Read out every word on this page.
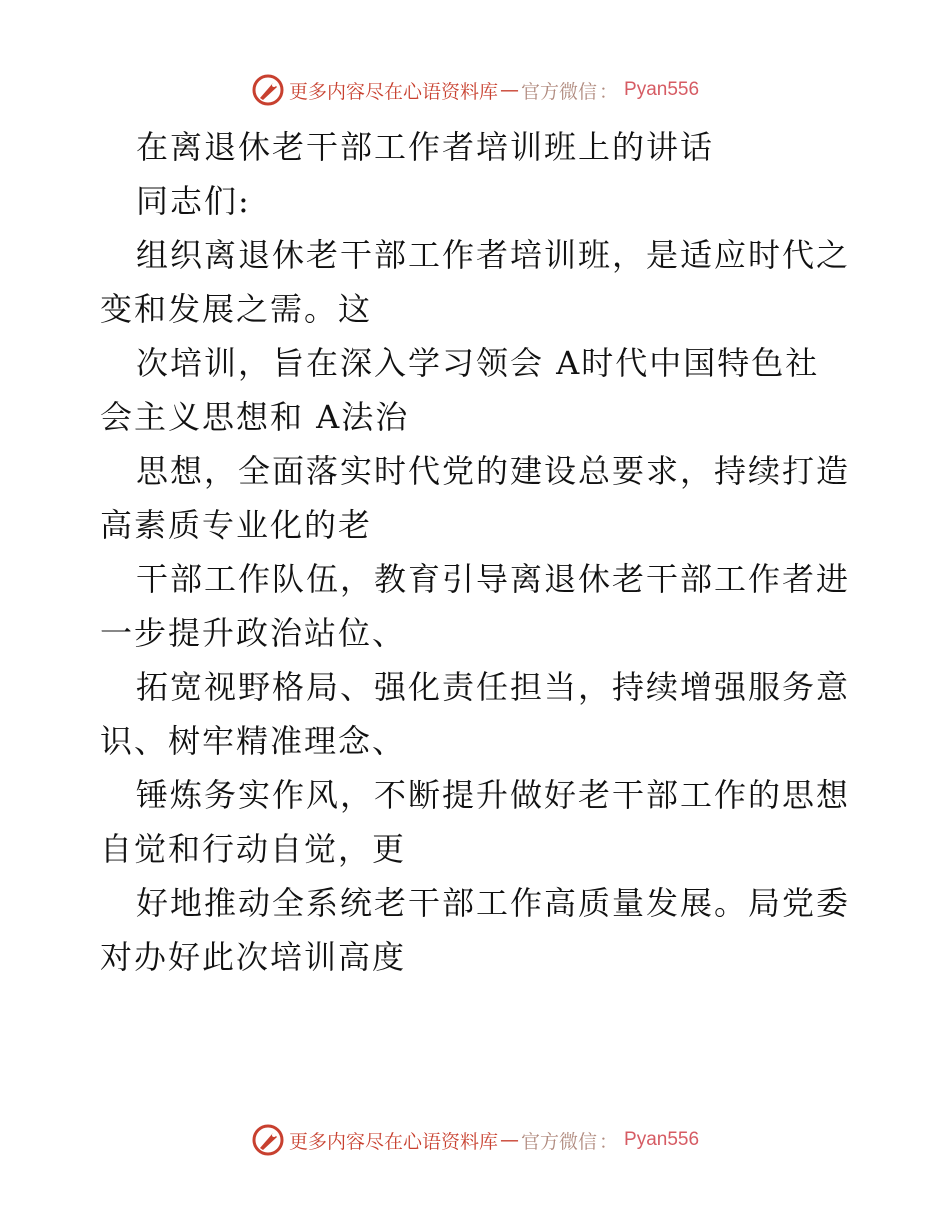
更多内容尽在心语资料库 — 官方微信 ： Pyan556
在离退休老干部工作者培训班上的讲话
同志们:
组织离退休老干部工作者培训班，是适应时代之
变和发展之需。这
次培训，旨在深入学习领会 A时代中国特色社
会主义思想和 A法治
思想，全面落实时代党的建设总要求，持续打造
高素质专业化的老
干部工作队伍，教育引导离退休老干部工作者进
一步提升政治站位、
拓宽视野格局、强化责任担当，持续增强服务意
识、树牢精准理念、
锤炼务实作风，不断提升做好老干部工作的思想
自觉和行动自觉，更
好地推动全系统老干部工作高质量发展。局党委
对办好此次培训高度
更多内容尽在心语资料库 — 官方微信 ： Pyan556
